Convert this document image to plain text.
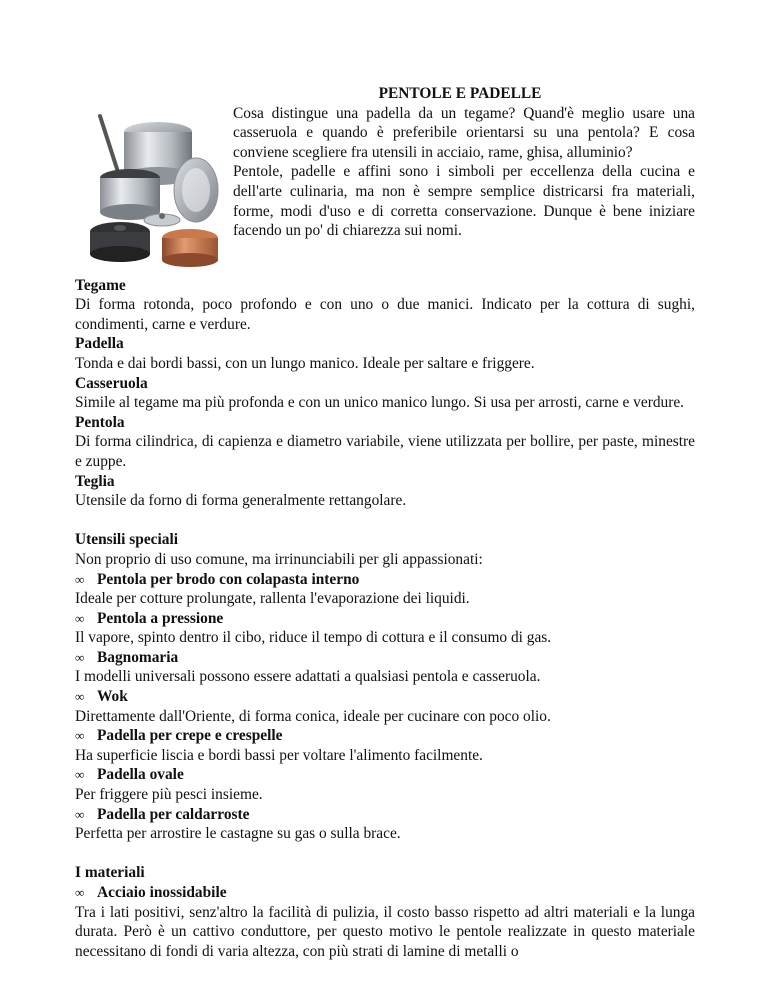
PENTOLE E PADELLE

Cosa distingue una padella da un tegame? Quand'è meglio usare una casseruola e quando è preferibile orientarsi su una pentola? E cosa conviene scegliere fra utensili in acciaio, rame, ghisa, alluminio?

Pentole, padelle e affini sono i simboli per eccellenza della cucina e dell'arte culinaria, ma non è sempre semplice districarsi fra materiali, forme, modi d'uso e di corretta conservazione. Dunque è bene iniziare facendo un po' di chiarezza sui nomi.

Tegame

Di forma rotonda, poco profondo e con uno o due manici. Indicato per la cottura di sughi, condimenti, carne e verdure.

Padella

Tonda e dai bordi bassi, con un lungo manico. Ideale per saltare e friggere.

Casseruola

Simile al tegame ma più profonda e con un unico manico lungo. Si usa per arrosti, carne e verdure.

Pentola

Di forma cilindrica, di capienza e diametro variabile, viene utilizzata per bollire, per paste, minestre e zuppe.

Teglia

Utensile da forno di forma generalmente rettangolare.

Utensili speciali

Non proprio di uso comune, ma irrinunciabili per gli appassionati:

∞ Pentola per brodo con colapasta interno

Ideale per cotture prolungate, rallenta l'evaporazione dei liquidi.

∞ Pentola a pressione

Il vapore, spinto dentro il cibo, riduce il tempo di cottura e il consumo di gas.

∞ Bagnomaria

I modelli universali possono essere adattati a qualsiasi pentola e casseruola.

∞ Wok

Direttamente dall'Oriente, di forma conica, ideale per cucinare con poco olio.

∞ Padella per crepe e crespelle

Ha superficie liscia e bordi bassi per voltare l'alimento facilmente.

∞ Padella ovale

Per friggere più pesci insieme.

∞ Padella per caldarroste

Perfetta per arrostire le castagne su gas o sulla brace.

I materiali
∞ Acciaio inossidabile

Tra i lati positivi, senz'altro la facilità di pulizia, il costo basso rispetto ad altri materiali e la lunga durata. Però è un cattivo conduttore, per questo motivo le pentole realizzate in questo materiale necessitano di fondi di varia altezza, con più strati di lamine di metalli o
